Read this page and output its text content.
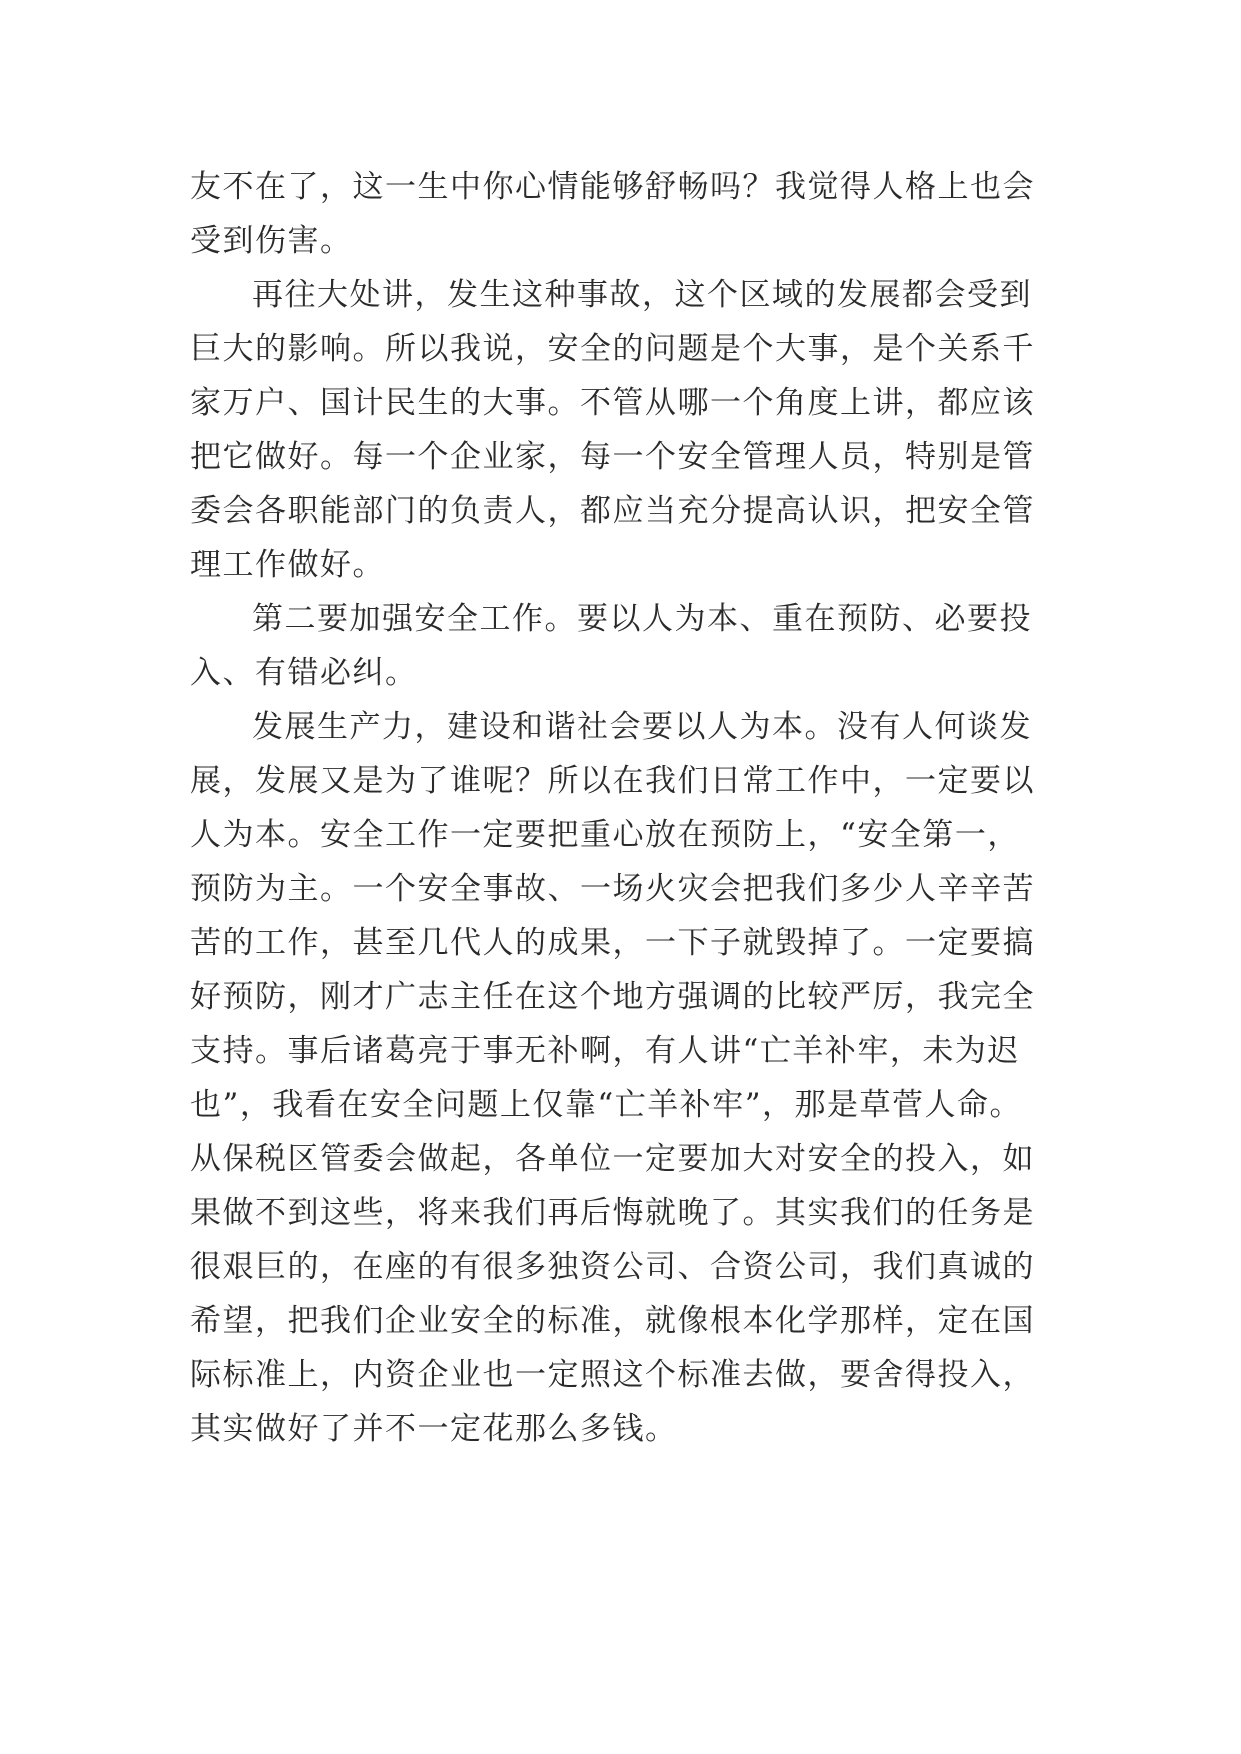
友不在了，这一生中你心情能够舒畅吗？我觉得人格上也会
受到伤害。
再往大处讲，发生这种事故，这个区域的发展都会受到
巨大的影响。所以我说，安全的问题是个大事，是个关系千
家万户、国计民生的大事。不管从哪一个角度上讲，都应该
把它做好。每一个企业家，每一个安全管理人员，特别是管
委会各职能部门的负责人，都应当充分提高认识，把安全管
理工作做好。
第二要加强安全工作。要以人为本、重在预防、必要投
入、有错必纠。
发展生产力，建设和谐社会要以人为本。没有人何谈发
展，发展又是为了谁呢？所以在我们日常工作中，一定要以
人为本。安全工作一定要把重心放在预防上，“安全第一，
预防为主。一个安全事故、一场火灾会把我们多少人辛辛苦
苦的工作，甚至几代人的成果，一下子就毁掉了。一定要搞
好预防，刚才广志主任在这个地方强调的比较严厉，我完全
支持。事后诸葛亮于事无补啊，有人讲“亡羊补牢，未为迟
也”，我看在安全问题上仅靠“亡羊补牢”，那是草菅人命。
从保税区管委会做起，各单位一定要加大对安全的投入，如
果做不到这些，将来我们再后悔就晚了。其实我们的任务是
很艰巨的，在座的有很多独资公司、合资公司，我们真诚的
希望，把我们企业安全的标准，就像根本化学那样，定在国
际标准上，内资企业也一定照这个标准去做，要舍得投入，
其实做好了并不一定花那么多钱。
